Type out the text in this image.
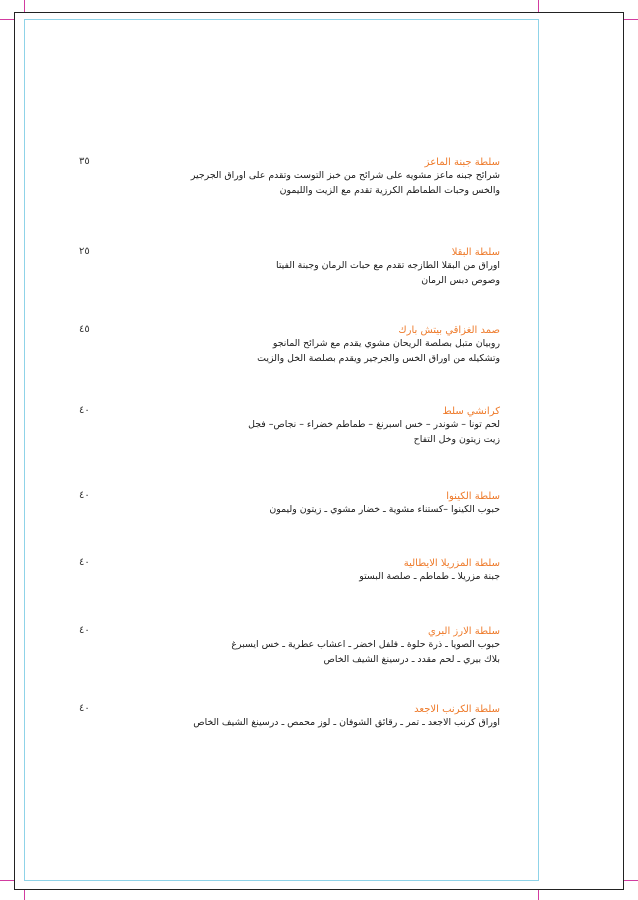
سلطة جبنة الماعز
٣٥
شرائح جبنه ماعز مشويه على شرائح من خبز التوست وتقدم على اوراق الجرجير
والخس وحبات الطماطم الكرزية تقدم مع الزيت والليمون
سلطة البقلا
٢٥
اوراق من البقلا الطازجه تقدم مع حبات الرمان وجبنة الفيتا
وصوص دبس الرمان
صمد الغزاقي بيتش بارك
٤٥
روبيان متبل بصلصة الريحان مشوي يقدم مع شرائح المانجو
وتشكيله من اوراق الخس والجرجير ويقدم بصلصة الخل والزيت
كرانشي سلط
٤٠
لحم تونا – شوندر – خس اسبرنغ – طماطم خضراء – نجاص– فجل
زيت زيتون وخل التفاح
سلطة الكينوا
٤٠
حبوب الكينوا –كستناء مشوية ـ خضار مشوي ـ زيتون وليمون
سلطة المزريلا الايطالية
٤٠
جبنة مزريلا ـ طماطم ـ صلصة البستو
سلطة الارز البري
٤٠
حبوب الصويا ـ ذرة حلوة ـ فلفل اخضر ـ اعشاب عطرية ـ خس ايسبرغ
بلاك بيري ـ لحم مقدد ـ درسينغ الشيف الخاص
سلطة الكرنب الاجعد
٤٠
اوراق كرنب الاجعد ـ تمر ـ رقائق الشوفان ـ لوز محمص ـ درسينغ الشيف الخاص
